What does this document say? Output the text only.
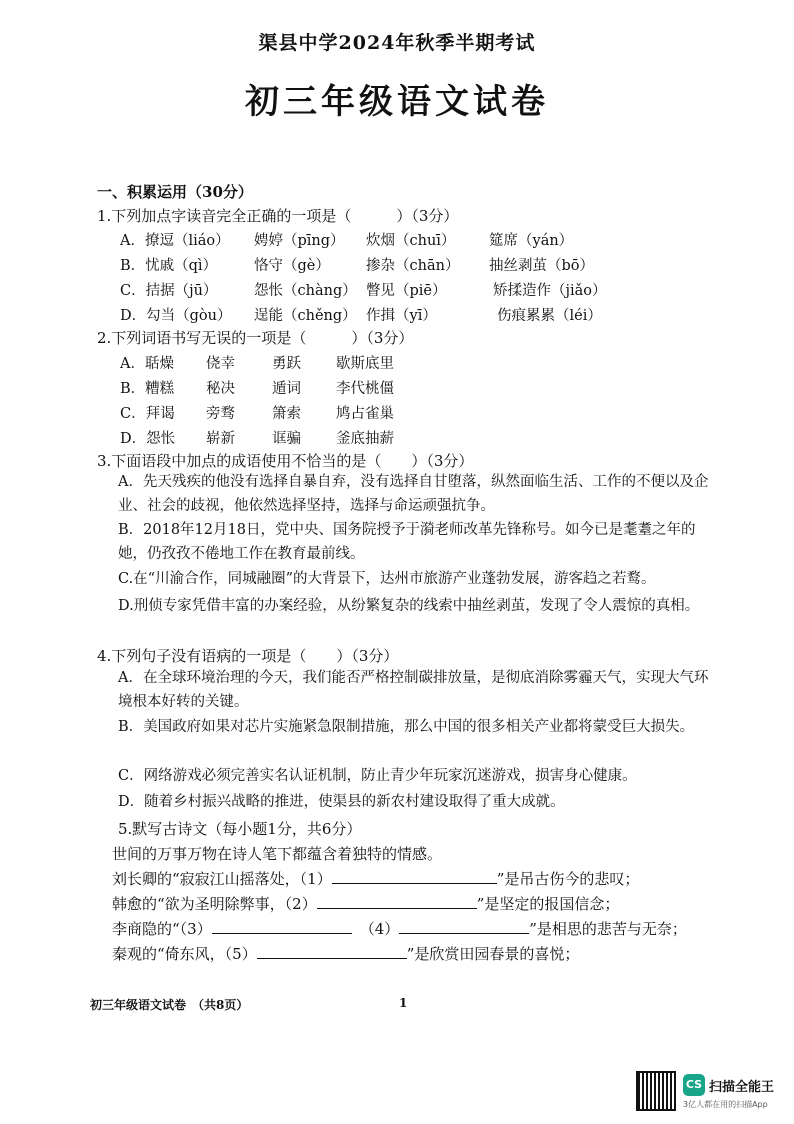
渠县中学2024年秋季半期考试
初三年级语文试卷
一、积累运用（30分）
1.下列加点字读音完全正确的一项是（　　　）（3分）
A．撩逗（liáo） 娉婷（pīng） 炊烟（chuī） 筵席（yán）
B．忧戚（qì）	恪守（gè） 掺杂（chān） 抽丝剥茧（bō）
C．拮据（jū）	怨怅（chàng） 瞥见（piē）	矫揉造作（jiǎo）
D．勾当（gòu） 逞能（chěng） 作揖（yī）	伤痕累累（léi）
2.下列词语书写无误的一项是（　　　）（3分）
A．聒燥 侥幸	勇跃 歇斯底里
B．糟糕 秘决	遁词 李代桃僵
C．拜谒 旁骛	箫索 鸠占雀巢
D．怨怅 崭新	诓骗 釜底抽薪
3.下面语段中加点的成语使用不恰当的是（　　）（3分）
A．先天残疾的他没有选择自暴自弃，没有选择自甘堕落，纵然面临生活、工作的不便以及企业、社会的歧视，他依然选择坚持，选择与命运顽强抗争。
B．2018年12月18日，党中央、国务院授予于漪老师改革先锋称号。如今已是耄耋之年的她，仍孜孜不倦地工作在教育最前线。
C.在“川渝合作，同城融圈”的大背景下，达州市旅游产业蓬勃发展，游客趋之若鹜。
D.刑侦专家凭借丰富的办案经验，从纷繁复杂的线索中抽丝剥茧，发现了令人震惊的真相。
4.下列句子没有语病的一项是（　　）（3分）
A．在全球环境治理的今天，我们能否严格控制碳排放量，是彻底消除雾霾天气，实现大气环境根本好转的关键。
B．美国政府如果对芯片实施紧急限制措施，那么中国的很多相关产业都将蒙受巨大损失。
C．网络游戏必须完善实名认证机制，防止青少年玩家沉迷游戏，损害身心健康。
D．随着乡村振兴战略的推进，使渠县的新农村建设取得了重大成就。
5.默写古诗文（每小题1分，共6分）
世间的万事万物在诗人笔下都蕴含着独特的情感。
刘长卿的“寂寂江山摇落处，（1）	”是吊古伤今的悲叹；
韩愈的“欲为圣明除弊事，（2）	”是坚定的报国信念；
李商隐的“（3）	（4）	”是相思的悲苦与无奈；
秦观的“倚东风，（5）	”是欣赏田园春景的喜悦；
初三年级语文试卷　（共8页）	1
CS 扫描全能王
3亿人都在用的扫描App
